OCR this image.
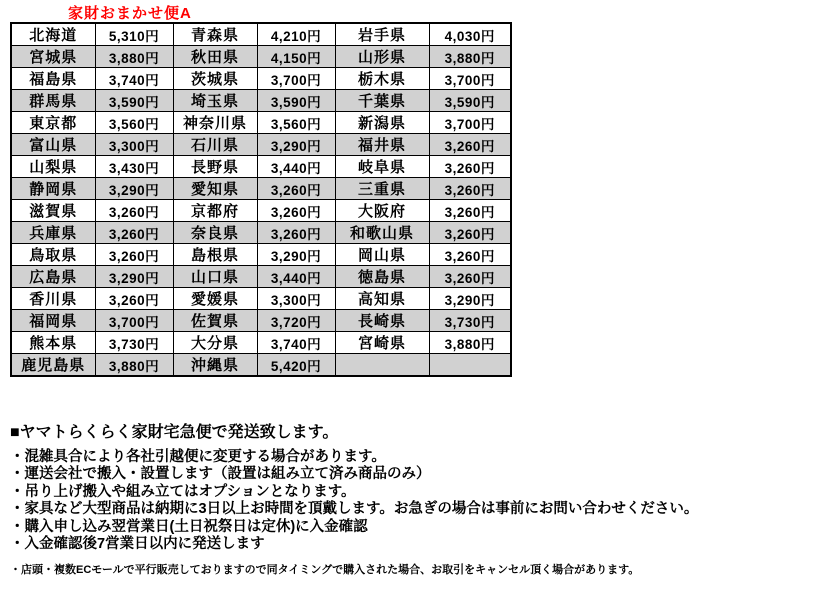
家財おまかせ便A
北海道	5,310円	青森県	4,210円	岩手県	4,030円
宮城県	3,880円	秋田県	4,150円	山形県	3,880円
福島県	3,740円	茨城県	3,700円	栃木県	3,700円
群馬県	3,590円	埼玉県	3,590円	千葉県	3,590円
東京都	3,560円	神奈川県	3,560円	新潟県	3,700円
富山県	3,300円	石川県	3,290円	福井県	3,260円
山梨県	3,430円	長野県	3,440円	岐阜県	3,260円
静岡県	3,290円	愛知県	3,260円	三重県	3,260円
滋賀県	3,260円	京都府	3,260円	大阪府	3,260円
兵庫県	3,260円	奈良県	3,260円	和歌山県	3,260円
鳥取県	3,260円	島根県	3,290円	岡山県	3,260円
広島県	3,290円	山口県	3,440円	徳島県	3,260円
香川県	3,260円	愛媛県	3,300円	高知県	3,290円
福岡県	3,700円	佐賀県	3,720円	長崎県	3,730円
熊本県	3,730円	大分県	3,740円	宮崎県	3,880円
鹿児島県	3,880円	沖縄県	5,420円		
■ヤマトらくらく家財宅急便で発送致します。
・混雑具合により各社引越便に変更する場合があります。
・運送会社で搬入・設置します（設置は組み立て済み商品のみ）
・吊り上げ搬入や組み立てはオプションとなります。
・家具など大型商品は納期に3日以上お時間を頂戴します。お急ぎの場合は事前にお問い合わせください。
・購入申し込み翌営業日(土日祝祭日は定休)に入金確認
・入金確認後7営業日以内に発送します
・店頭・複数ECモールで平行販売しておりますので同タイミングで購入された場合、お取引をキャンセル頂く場合があります。
